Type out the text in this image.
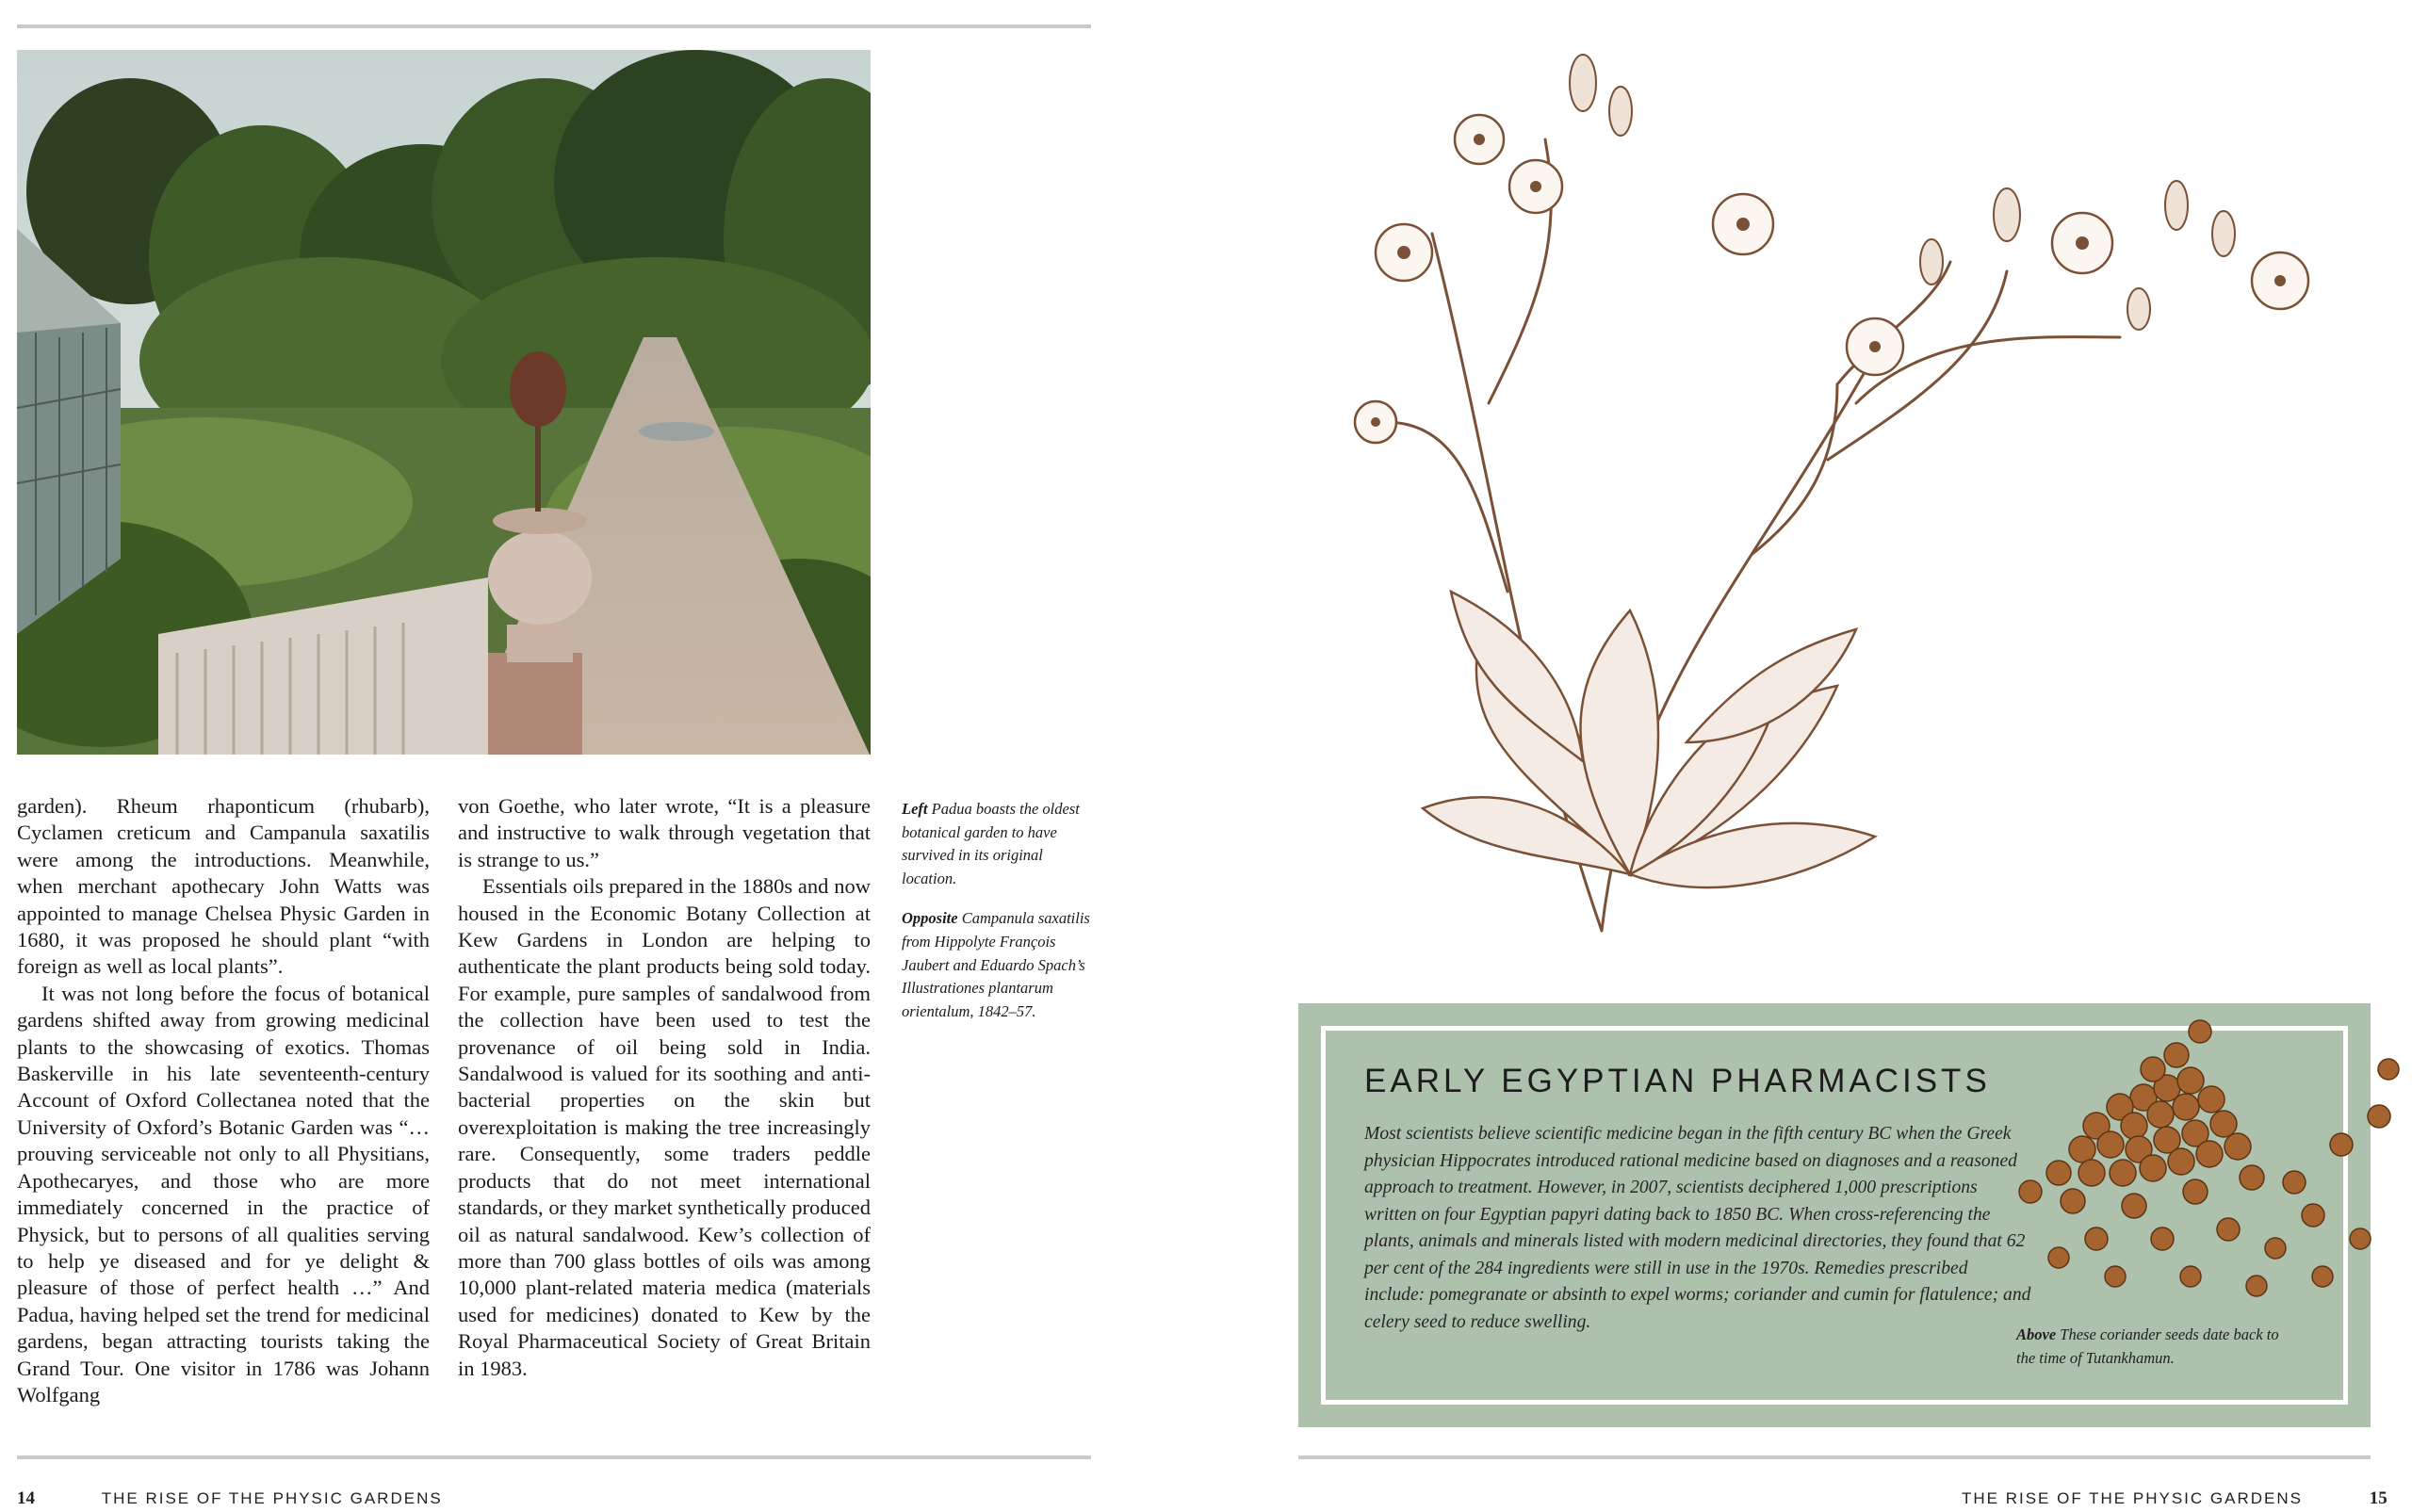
garden). Rheum rhaponticum (rhubarb), Cyclamen creticum and Campanula saxatilis were among the introductions. Meanwhile, when merchant apothecary John Watts was appointed to manage Chelsea Physic Garden in 1680, it was proposed he should plant “with foreign as well as local plants”.

It was not long before the focus of botanical gardens shifted away from growing medicinal plants to the showcasing of exotics. Thomas Baskerville in his late seventeenth-century Account of Oxford Collectanea noted that the University of Oxford’s Botanic Garden was “… prouving serviceable not only to all Physitians, Apothecaryes, and those who are more immediately concerned in the practice of Physick, but to persons of all qualities serving to help ye diseased and for ye delight & pleasure of those of perfect health …” And Padua, having helped set the trend for medicinal gardens, began attracting tourists taking the Grand Tour. One visitor in 1786 was Johann Wolfgang

von Goethe, who later wrote, “It is a pleasure and instructive to walk through vegetation that is strange to us.”

Essentials oils prepared in the 1880s and now housed in the Economic Botany Collection at Kew Gardens in London are helping to authenticate the plant products being sold today. For example, pure samples of sandalwood from the collection have been used to test the provenance of oil being sold in India. Sandalwood is valued for its soothing and anti-bacterial properties on the skin but overexploitation is making the tree increasingly rare. Consequently, some traders peddle products that do not meet international standards, or they market synthetically produced oil as natural sandalwood. Kew’s collection of more than 700 glass bottles of oils was among 10,000 plant-related materia medica (materials used for medicines) donated to Kew by the Royal Pharmaceutical Society of Great Britain in 1983.

Left Padua boasts the oldest botanical garden to have survived in its original location.

Opposite Campanula saxatilis from Hippolyte François Jaubert and Eduardo Spach’s Illustrationes plantarum orientalum, 1842–57.

14	THE RISE OF THE PHYSIC GARDENS
EARLY EGYPTIAN PHARMACISTS
Most scientists believe scientific medicine began in the fifth century BC when the Greek physician Hippocrates introduced rational medicine based on diagnoses and a reasoned approach to treatment. However, in 2007, scientists deciphered 1,000 prescriptions written on four Egyptian papyri dating back to 1850 BC. When cross-referencing the plants, animals and minerals listed with modern medicinal directories, they found that 62 per cent of the 284 ingredients were still in use in the 1970s. Remedies prescribed include: pomegranate or absinth to expel worms; coriander and cumin for flatulence; and celery seed to reduce swelling.
Above These coriander seeds date back to the time of Tutankhamun.
THE RISE OF THE PHYSIC GARDENS	15
